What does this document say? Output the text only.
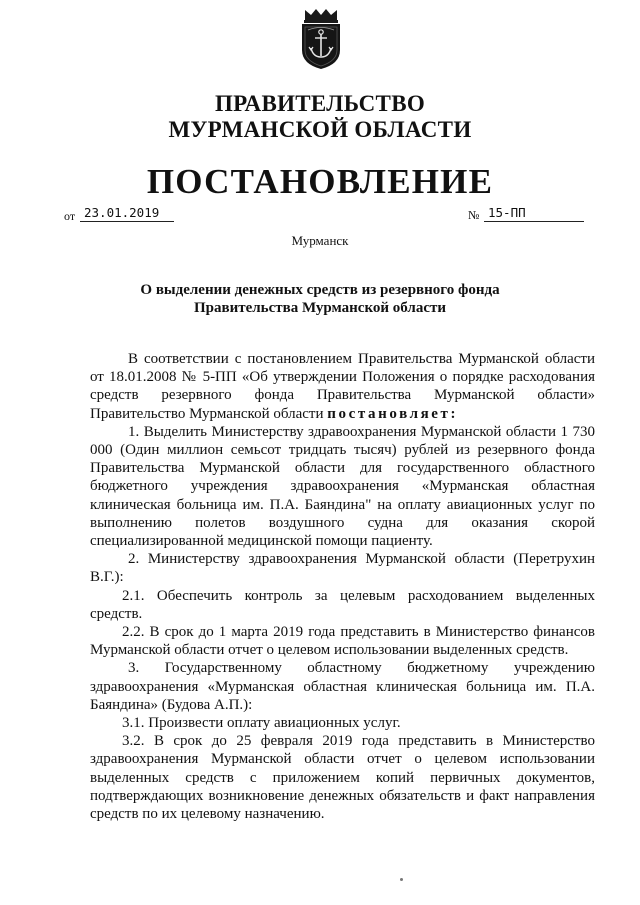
ПРАВИТЕЛЬСТВО
МУРМАНСКОЙ ОБЛАСТИ
ПОСТАНОВЛЕНИЕ
от 23.01.2019	№ 15-ПП
Мурманск
О выделении денежных средств из резервного фонда
Правительства Мурманской области

В соответствии с постановлением Правительства Мурманской области от 18.01.2008 № 5-ПП «Об утверждении Положения о порядке расходования средств резервного фонда Правительства Мурманской области» Правительство Мурманской области постановляет:

1. Выделить Министерству здравоохранения Мурманской области 1 730 000 (Один миллион семьсот тридцать тысяч) рублей из резервного фонда Правительства Мурманской области для государственного областного бюджетного учреждения здравоохранения «Мурманская областная клиническая больница им. П.А. Баяндина" на оплату авиационных услуг по выполнению полетов воздушного судна для оказания скорой специализированной медицинской помощи пациенту.

2. Министерству здравоохранения Мурманской области (Перетрухин В.Г.):

2.1. Обеспечить контроль за целевым расходованием выделенных средств.

2.2. В срок до 1 марта 2019 года представить в Министерство финансов Мурманской области отчет о целевом использовании выделенных средств.

3. Государственному областному бюджетному учреждению здравоохранения «Мурманская областная клиническая больница им. П.А. Баяндина» (Будова А.П.):

3.1. Произвести оплату авиационных услуг.

3.2. В срок до 25 февраля 2019 года представить в Министерство здравоохранения Мурманской области отчет о целевом использовании выделенных средств с приложением копий первичных документов, подтверждающих возникновение денежных обязательств и факт направления средств по их целевому назначению.
